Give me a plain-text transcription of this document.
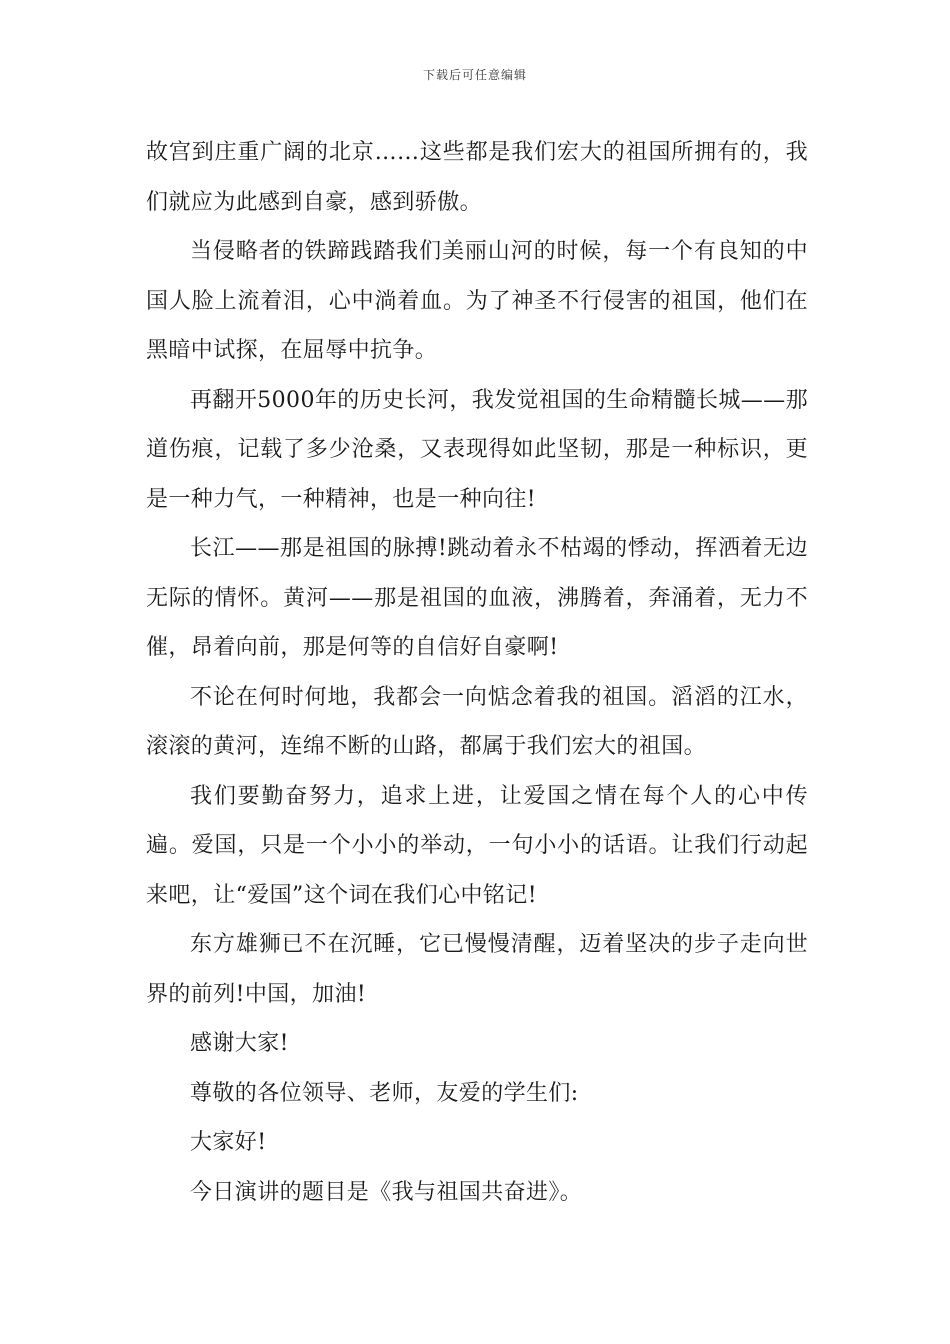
下载后可任意编辑

故宫到庄重广阔的北京……这些都是我们宏大的祖国所拥有的，我们就应为此感到自豪，感到骄傲。

当侵略者的铁蹄践踏我们美丽山河的时候，每一个有良知的中国人脸上流着泪，心中淌着血。为了神圣不行侵害的祖国，他们在黑暗中试探，在屈辱中抗争。

再翻开5000年的历史长河，我发觉祖国的生命精髓长城——那道伤痕，记载了多少沧桑，又表现得如此坚韧，那是一种标识，更是一种力气，一种精神，也是一种向往!

长江——那是祖国的脉搏!跳动着永不枯竭的悸动，挥洒着无边无际的情怀。黄河——那是祖国的血液，沸腾着，奔涌着，无力不催，昂着向前，那是何等的自信好自豪啊!

不论在何时何地，我都会一向惦念着我的祖国。滔滔的江水，滚滚的黄河，连绵不断的山路，都属于我们宏大的祖国。

我们要勤奋努力，追求上进，让爱国之情在每个人的心中传遍。爱国，只是一个小小的举动，一句小小的话语。让我们行动起来吧，让“爱国”这个词在我们心中铭记!

东方雄狮已不在沉睡，它已慢慢清醒，迈着坚决的步子走向世界的前列!中国，加油!

感谢大家!

尊敬的各位领导、老师，友爱的学生们:

大家好!

今日演讲的题目是《我与祖国共奋进》。
